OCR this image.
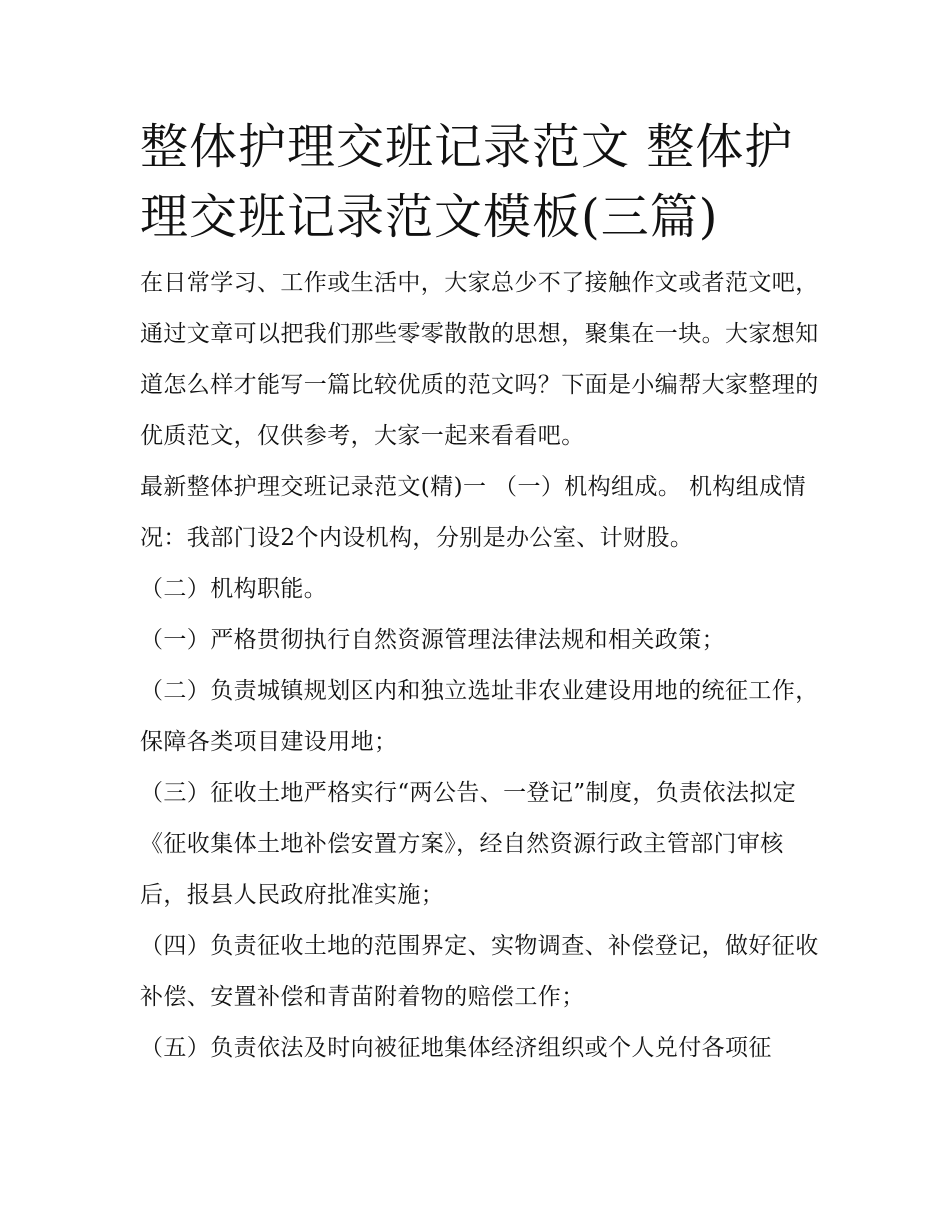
整体护理交班记录范文 整体护理交班记录范文模板(三篇)

在日常学习、工作或生活中，大家总少不了接触作文或者范文吧，通过文章可以把我们那些零零散散的思想，聚集在一块。大家想知道怎么样才能写一篇比较优质的范文吗？下面是小编帮大家整理的优质范文，仅供参考，大家一起来看看吧。

最新整体护理交班记录范文(精)一 （一）机构组成。 机构组成情况：我部门设2个内设机构，分别是办公室、计财股。

（二）机构职能。

（一）严格贯彻执行自然资源管理法律法规和相关政策；

（二）负责城镇规划区内和独立选址非农业建设用地的统征工作，保障各类项目建设用地；

（三）征收土地严格实行“两公告、一登记”制度，负责依法拟定《征收集体土地补偿安置方案》，经自然资源行政主管部门审核后，报县人民政府批准实施；

（四）负责征收土地的范围界定、实物调查、补偿登记，做好征收补偿、安置补偿和青苗附着物的赔偿工作；

（五）负责依法及时向被征地集体经济组织或个人兑付各项征
